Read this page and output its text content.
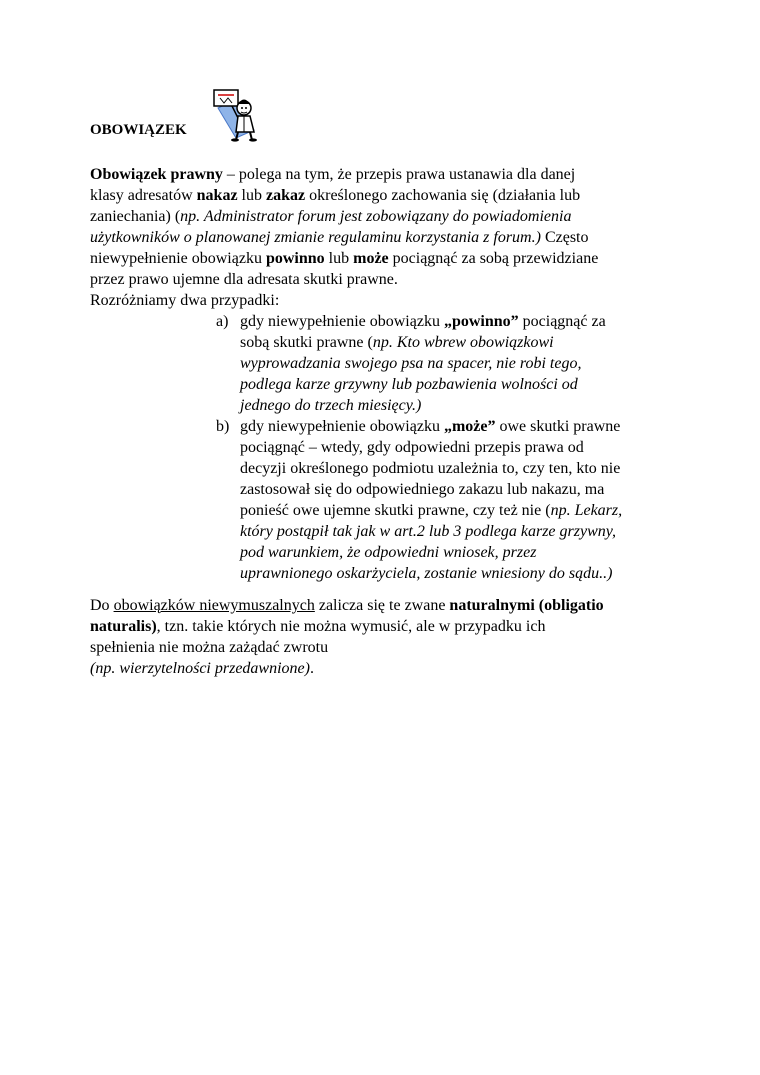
OBOWIĄZEK
Obowiązek prawny – polega na tym, że przepis prawa ustanawia dla danej
klasy adresatów nakaz lub zakaz określonego zachowania się (działania lub
zaniechania) (np. Administrator forum jest zobowiązany do powiadomienia
użytkowników o planowanej zmianie regulaminu korzystania z forum.) Często
niewypełnienie obowiązku powinno lub może pociągnąć za sobą przewidziane
przez prawo ujemne dla adresata skutki prawne.
Rozróżniamy dwa przypadki:
a) gdy niewypełnienie obowiązku „powinno” pociągnąć za
sobą skutki prawne (np. Kto wbrew obowiązkowi
wyprowadzania swojego psa na spacer, nie robi tego,
podlega karze grzywny lub pozbawienia wolności od
jednego do trzech miesięcy.)
b) gdy niewypełnienie obowiązku „może” owe skutki prawne
pociągnąć – wtedy, gdy odpowiedni przepis prawa od
decyzji określonego podmiotu uzależnia to, czy ten, kto nie
zastosował się do odpowiedniego zakazu lub nakazu, ma
ponieść owe ujemne skutki prawne, czy też nie (np. Lekarz,
który postąpił tak jak w art.2 lub 3 podlega karze grzywny,
pod warunkiem, że odpowiedni wniosek, przez
uprawnionego oskarżyciela, zostanie wniesiony do sądu..)
Do obowiązków niewymuszalnych zalicza się te zwane naturalnymi (obligatio
naturalis), tzn. takie których nie można wymusić, ale w przypadku ich
spełnienia nie można zażądać zwrotu
(np. wierzytelności przedawnione).
